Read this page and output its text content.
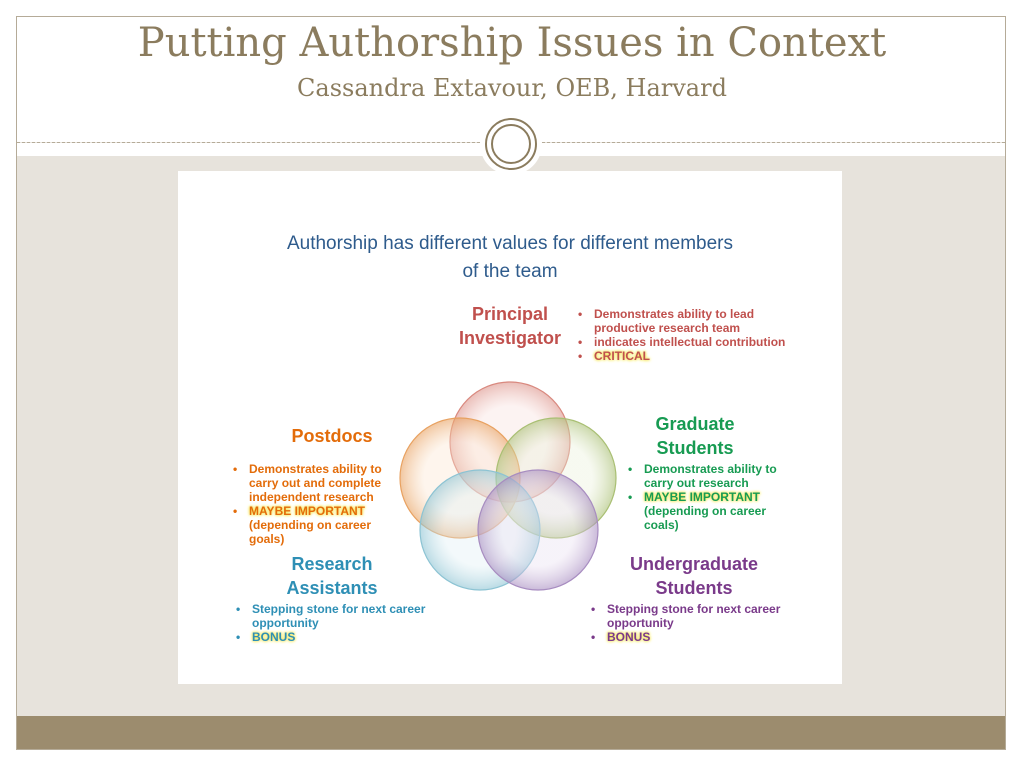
Putting Authorship Issues in Context
Cassandra Extavour, OEB, Harvard
Authorship has different values for different members
of the team
Principal
Investigator
• Demonstrates ability to lead productive research team
• indicates intellectual contribution
• CRITICAL
Postdocs
• Demonstrates ability to carry out and complete independent research
• MAYBE IMPORTANT
(depending on career goals)
Graduate
Students
• Demonstrates ability to carry out research
• MAYBE IMPORTANT
(depending on career coals)
Research
Assistants
• Stepping stone for next career opportunity
• BONUS
Undergraduate
Students
• Stepping stone for next career opportunity
• BONUS
